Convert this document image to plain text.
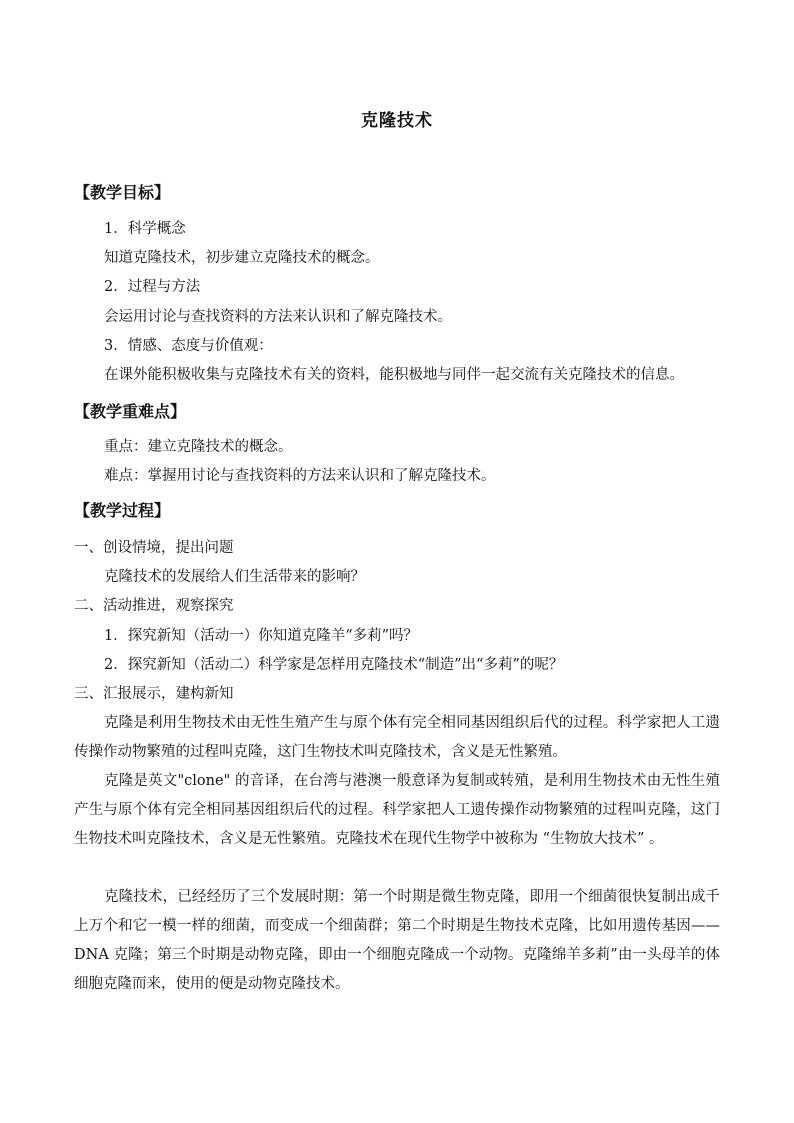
克隆技术
【教学目标】
1．科学概念
知道克隆技术，初步建立克隆技术的概念。
2．过程与方法
会运用讨论与查找资料的方法来认识和了解克隆技术。
3．情感、态度与价值观：
在课外能积极收集与克隆技术有关的资料，能积极地与同伴一起交流有关克隆技术的信息。
【教学重难点】
重点：建立克隆技术的概念。
难点：掌握用讨论与查找资料的方法来认识和了解克隆技术。
【教学过程】
一、创设情境，提出问题
克隆技术的发展给人们生活带来的影响？
二、活动推进，观察探究
1．探究新知（活动一）你知道克隆羊“多莉”吗？
2．探究新知（活动二）科学家是怎样用克隆技术“制造”出“多莉”的呢？
三、汇报展示，建构新知
克隆是利用生物技术由无性生殖产生与原个体有完全相同基因组织后代的过程。科学家把人工遗传操作动物繁殖的过程叫克隆，这门生物技术叫克隆技术，含义是无性繁殖。
克隆是英文"clone" 的音译，在台湾与港澳一般意译为复制或转殖，是利用生物技术由无性生殖产生与原个体有完全相同基因组织后代的过程。科学家把人工遗传操作动物繁殖的过程叫克隆，这门生物技术叫克隆技术，含义是无性繁殖。克隆技术在现代生物学中被称为 “生物放大技术” 。
克隆技术，已经经历了三个发展时期：第一个时期是微生物克隆，即用一个细菌很快复制出成千上万个和它一模一样的细菌，而变成一个细菌群；第二个时期是生物技术克隆，比如用遗传基因——DNA 克隆；第三个时期是动物克隆，即由一个细胞克隆成一个动物。克隆绵羊多莉”由一头母羊的体细胞克隆而来，使用的便是动物克隆技术。
